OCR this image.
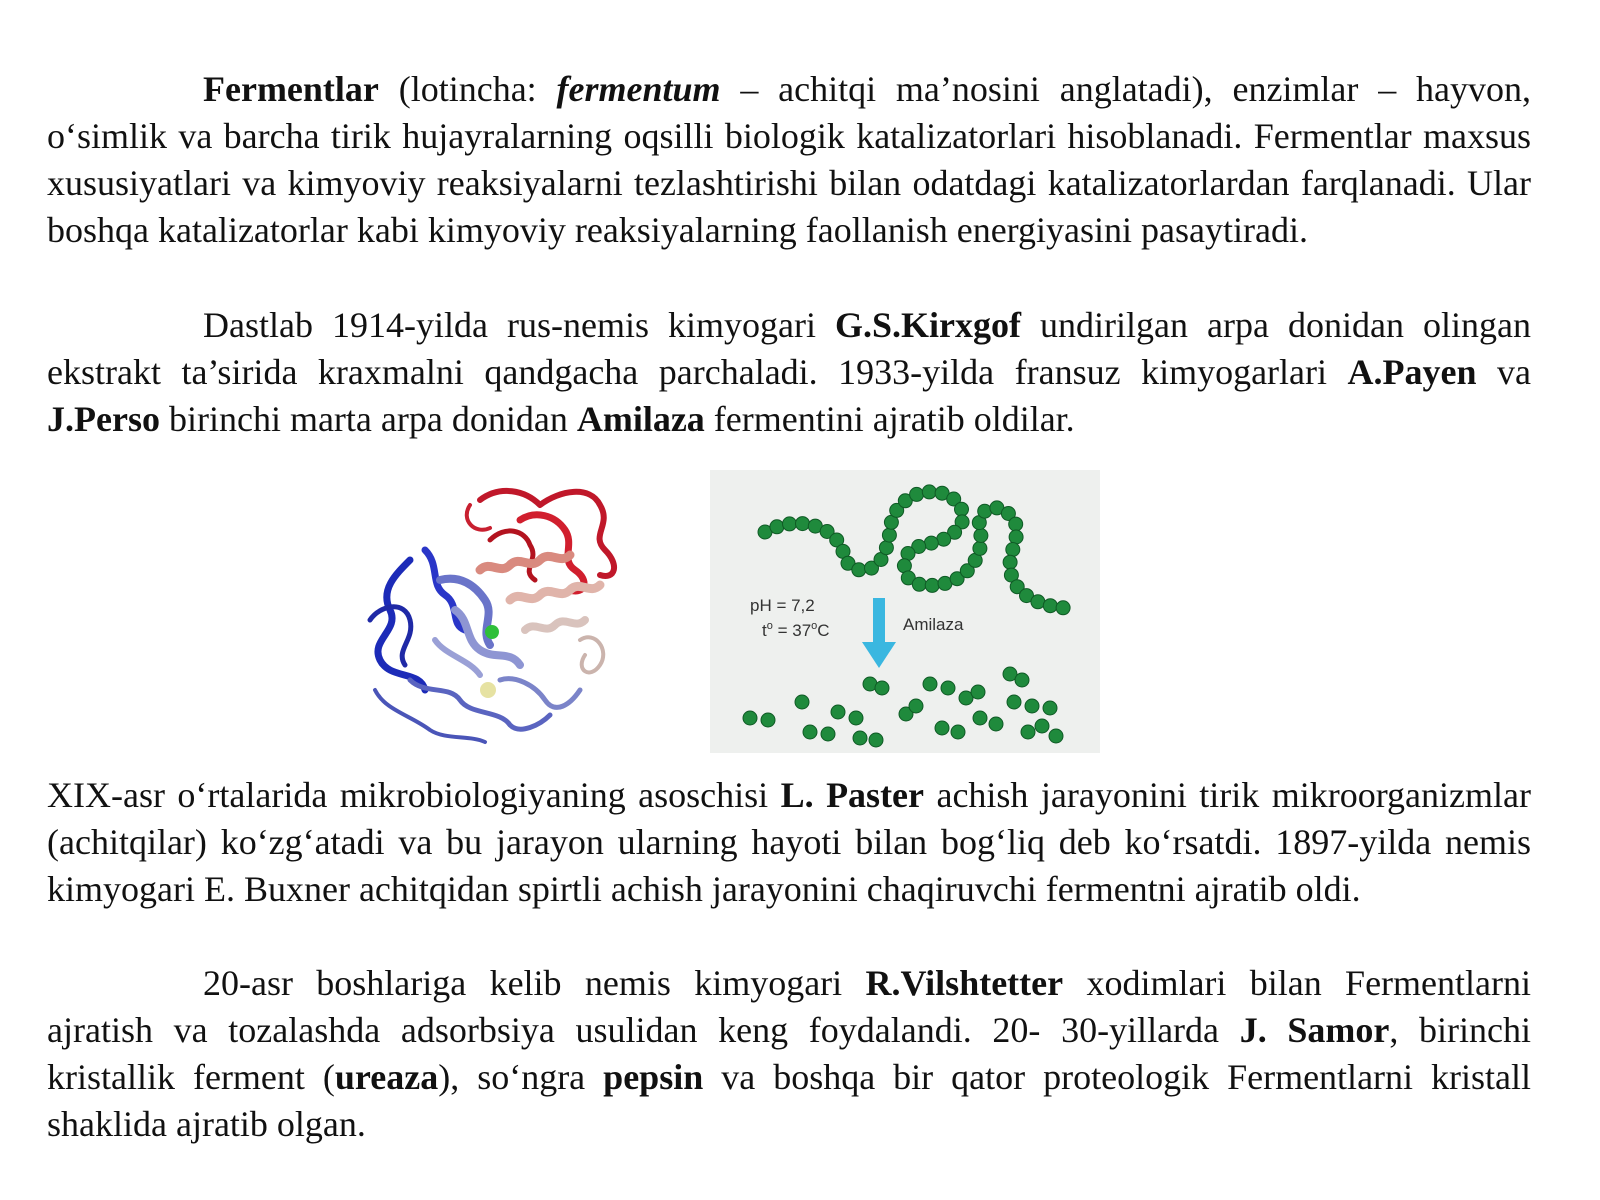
Fermentlar (lotincha: fermentum – achitqi ma’nosini anglatadi), enzimlar – hayvon, o‘simlik va barcha tirik hujayralarning oqsilli biologik katalizatorlari hisoblanadi. Fermentlar maxsus xususiyatlari va kimyoviy reaksiyalarni tezlashtirishi bilan odatdagi katalizatorlardan farqlanadi. Ular boshqa katalizatorlar kabi kimyoviy reaksiyalarning faollanish energiyasini pasaytiradi.

Dastlab 1914-yilda rus-nemis kimyogari G.S.Kirxgof undirilgan arpa donidan olingan ekstrakt ta’sirida kraxmalni qandgacha parchaladi. 1933-yilda fransuz kimyogarlari A.Payen va J.Perso birinchi marta arpa donidan Amilaza fermentini ajratib oldilar.

pH = 7,2
$t^o = 37^oC$	Amilaza

XIX-asr o‘rtalarida mikrobiologiyaning asoschisi L. Paster achish jarayonini tirik mikroorganizmlar (achitqilar) ko‘zg‘atadi va bu jarayon ularning hayoti bilan bog‘liq deb ko‘rsatdi. 1897-yilda nemis kimyogari E. Buxner achitqidan spirtli achish jarayonini chaqiruvchi fermentni ajratib oldi.

20-asr boshlariga kelib nemis kimyogari R.Vilshtetter xodimlari bilan Fermentlarni ajratish va tozalashda adsorbsiya usulidan keng foydalandi. 20- 30-yillarda J. Samor, birinchi kristallik ferment (ureaza), so‘ngra pepsin va boshqa bir qator proteologik Fermentlarni kristall shaklida ajratib olgan.
